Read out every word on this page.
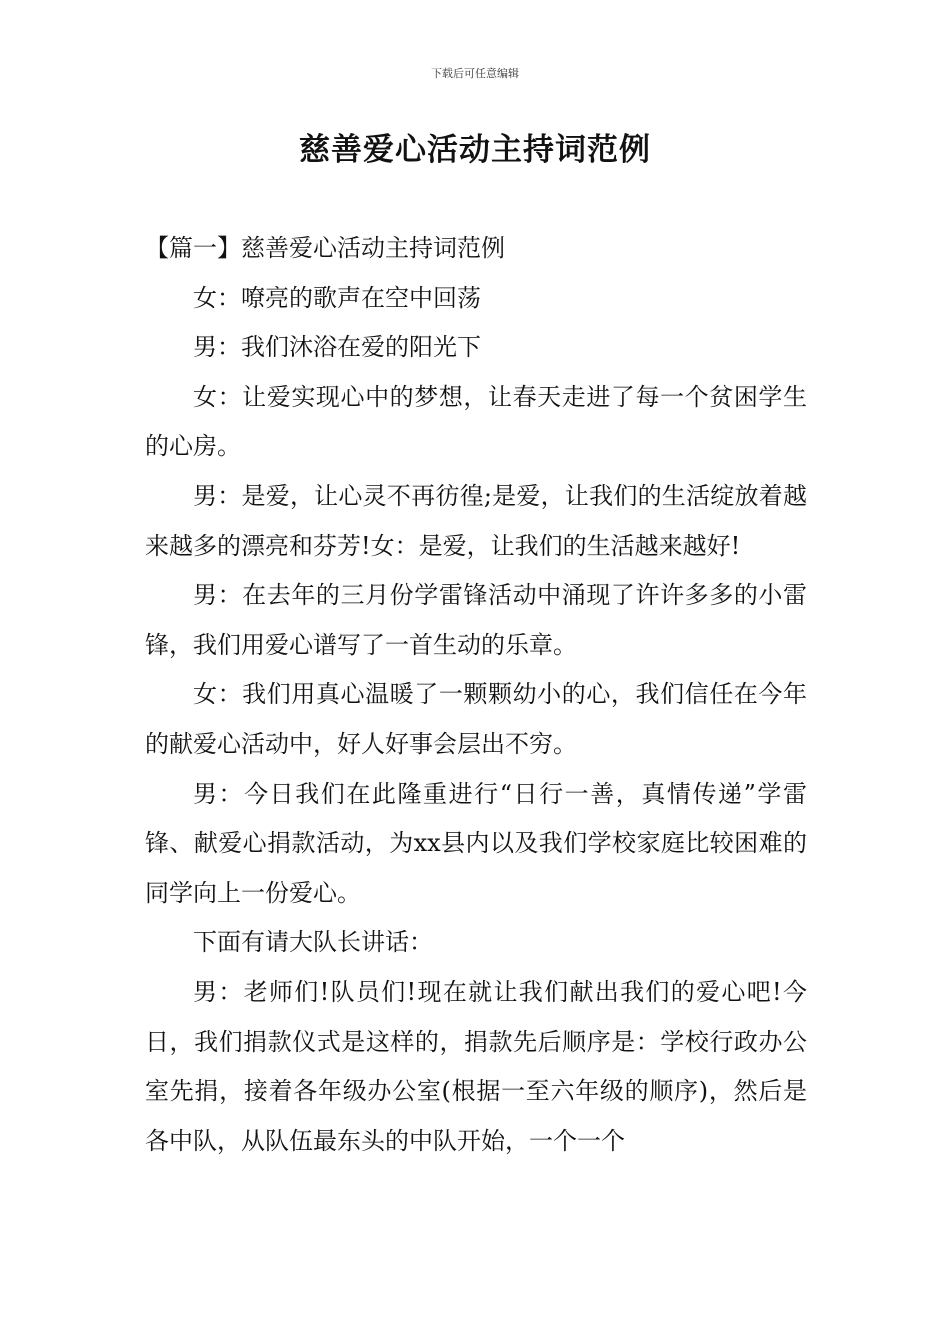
下载后可任意编辑
慈善爱心活动主持词范例

【篇一】慈善爱心活动主持词范例

女：嘹亮的歌声在空中回荡

男：我们沐浴在爱的阳光下

女：让爱实现心中的梦想，让春天走进了每一个贫困学生的心房。

男：是爱，让心灵不再彷徨;是爱，让我们的生活绽放着越来越多的漂亮和芬芳!女：是爱，让我们的生活越来越好!

男：在去年的三月份学雷锋活动中涌现了许许多多的小雷锋，我们用爱心谱写了一首生动的乐章。

女：我们用真心温暖了一颗颗幼小的心，我们信任在今年的献爱心活动中，好人好事会层出不穷。

男：今日我们在此隆重进行“日行一善，真情传递”学雷锋、献爱心捐款活动，为xx县内以及我们学校家庭比较困难的同学向上一份爱心。

下面有请大队长讲话：

男：老师们!队员们!现在就让我们献出我们的爱心吧!今日，我们捐款仪式是这样的，捐款先后顺序是：学校行政办公室先捐，接着各年级办公室(根据一至六年级的顺序)，然后是各中队，从队伍最东头的中队开始，一个一个
